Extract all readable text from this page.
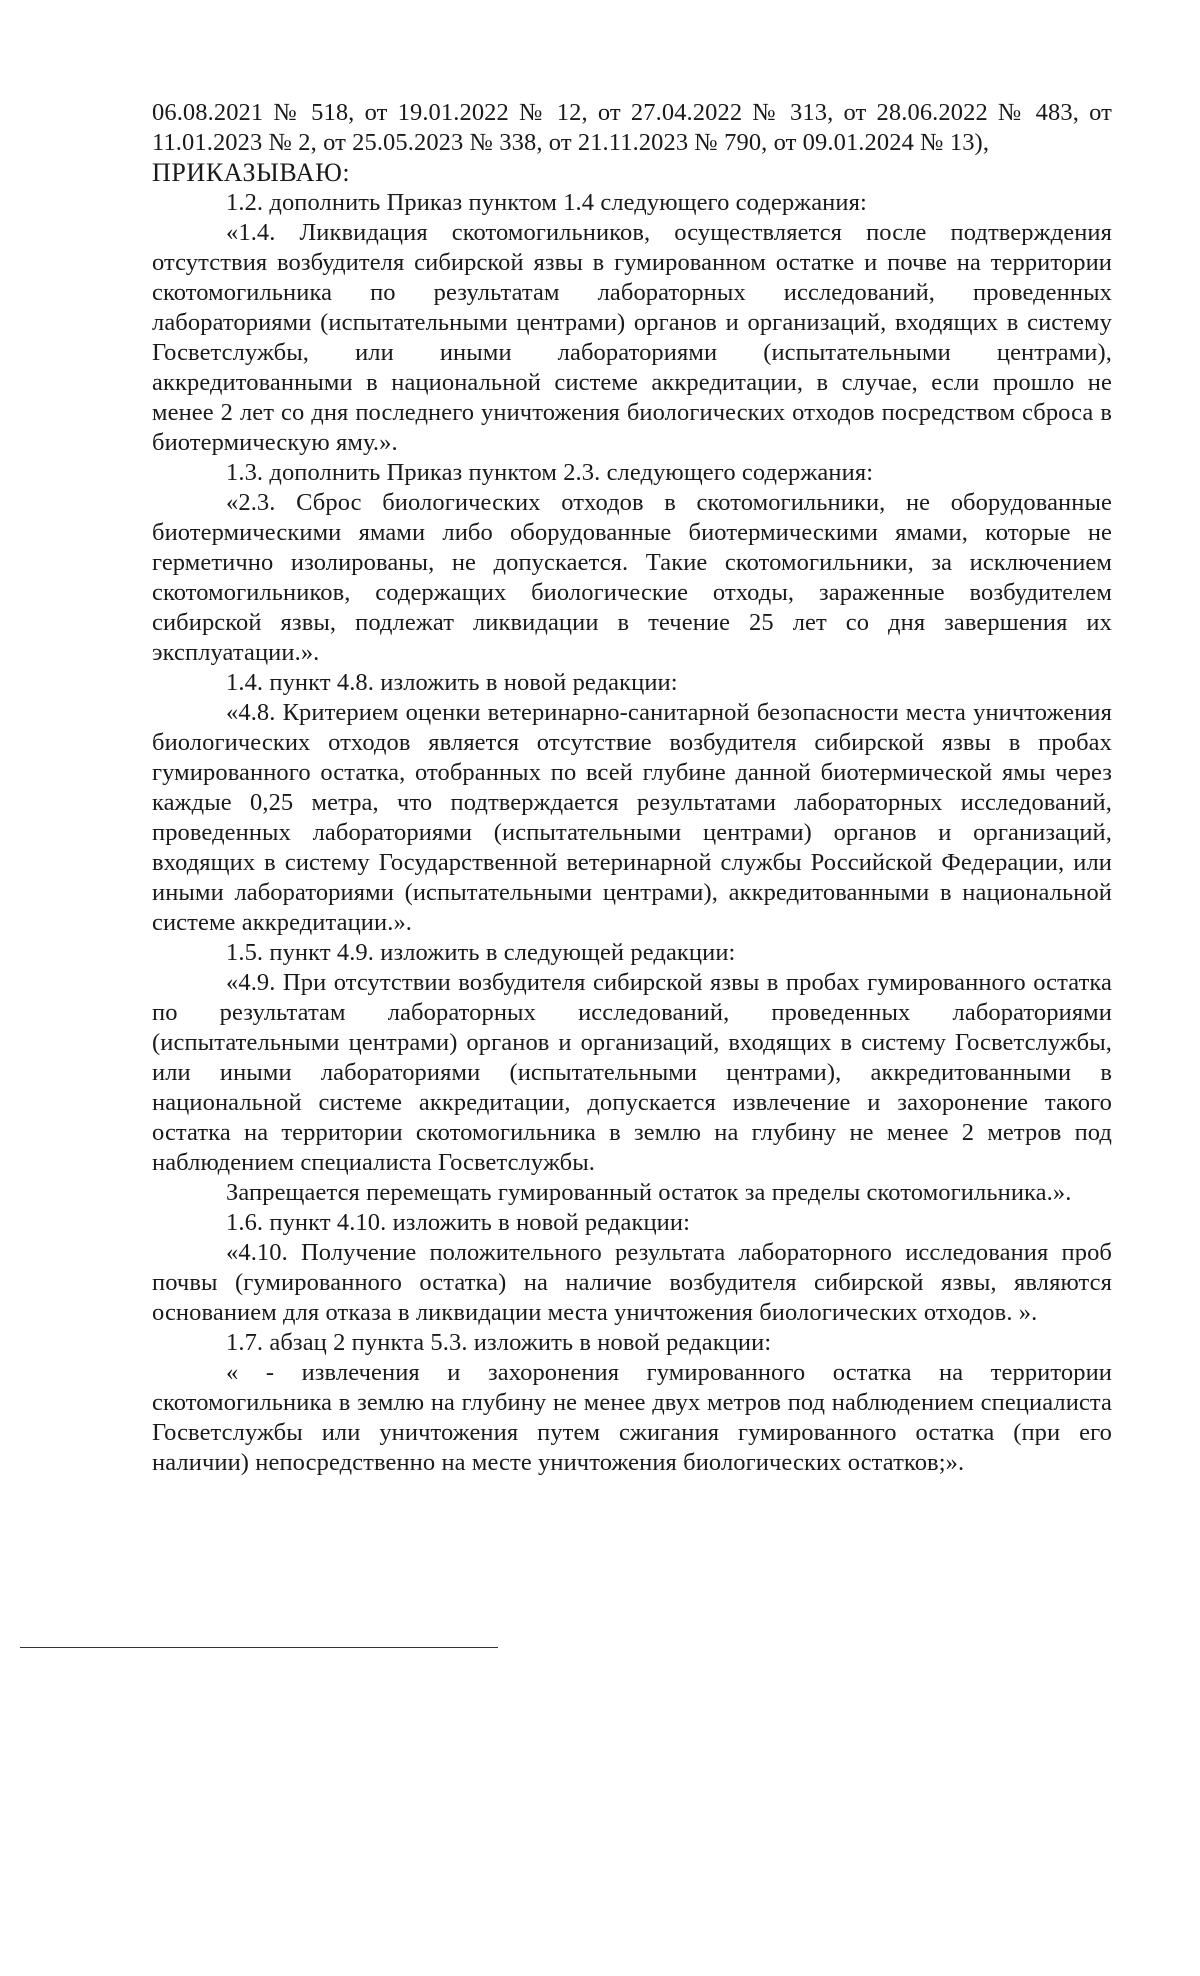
06.08.2021 № 518, от 19.01.2022 № 12, от 27.04.2022 № 313, от 28.06.2022 № 483, от 11.01.2023 № 2, от 25.05.2023 № 338, от 21.11.2023 № 790, от 09.01.2024 № 13),

ПРИКАЗЫВАЮ:

1.2. дополнить Приказ пунктом 1.4 следующего содержания:

«1.4. Ликвидация скотомогильников, осуществляется после подтверждения отсутствия возбудителя сибирской язвы в гумированном остатке и почве на территории скотомогильника по результатам лабораторных исследований, проведенных лабораториями (испытательными центрами) органов и организаций, входящих в систему Госветслужбы, или иными лабораториями (испытательными центрами), аккредитованными в национальной системе аккредитации, в случае, если прошло не менее 2 лет со дня последнего уничтожения биологических отходов посредством сброса в биотермическую яму.».

1.3. дополнить Приказ пунктом 2.3. следующего содержания:

«2.3. Сброс биологических отходов в скотомогильники, не оборудованные биотермическими ямами либо оборудованные биотермическими ямами, которые не герметично изолированы, не допускается. Такие скотомогильники, за исключением скотомогильников, содержащих биологические отходы, зараженные возбудителем сибирской язвы, подлежат ликвидации в течение 25 лет со дня завершения их эксплуатации.».

1.4. пункт 4.8. изложить в новой редакции:

«4.8. Критерием оценки ветеринарно-санитарной безопасности места уничтожения биологических отходов является отсутствие возбудителя сибирской язвы в пробах гумированного остатка, отобранных по всей глубине данной биотермической ямы через каждые 0,25 метра, что подтверждается результатами лабораторных исследований, проведенных лабораториями (испытательными центрами) органов и организаций, входящих в систему Государственной ветеринарной службы Российской Федерации, или иными лабораториями (испытательными центрами), аккредитованными в национальной системе аккредитации.».

1.5. пункт 4.9. изложить в следующей редакции:

«4.9. При отсутствии возбудителя сибирской язвы в пробах гумированного остатка по результатам лабораторных исследований, проведенных лабораториями (испытательными центрами) органов и организаций, входящих в систему Госветслужбы, или иными лабораториями (испытательными центрами), аккредитованными в национальной системе аккредитации, допускается извлечение и захоронение такого остатка на территории скотомогильника в землю на глубину не менее 2 метров под наблюдением специалиста Госветслужбы.

Запрещается перемещать гумированный остаток за пределы скотомогильника.».

1.6. пункт 4.10. изложить в новой редакции:

«4.10. Получение положительного результата лабораторного исследования проб почвы (гумированного остатка) на наличие возбудителя сибирской язвы, являются основанием для отказа в ликвидации места уничтожения биологических отходов. ».

1.7. абзац 2 пункта 5.3. изложить в новой редакции:

« - извлечения и захоронения гумированного остатка на территории скотомогильника в землю на глубину не менее двух метров под наблюдением специалиста Госветслужбы или уничтожения путем сжигания гумированного остатка (при его наличии) непосредственно на месте уничтожения биологических остатков;».
